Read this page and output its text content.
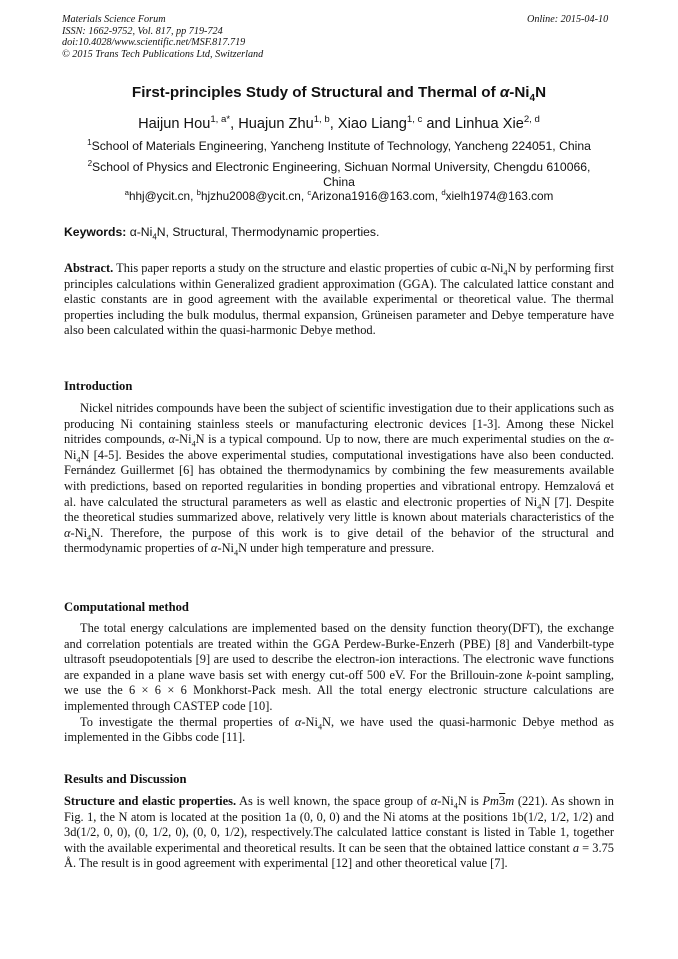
Materials Science Forum
ISSN: 1662-9752, Vol. 817, pp 719-724
doi:10.4028/www.scientific.net/MSF.817.719
© 2015 Trans Tech Publications Ltd, Switzerland
Online: 2015-04-10
First-principles Study of Structural and Thermal of $\alpha-Ni_4N$
Haijun Hou$^{1, a*}$, Huajun Zhu$^{1, b}$, Xiao Liang$^{1, c}$ and Linhua Xie$^{2, d}$
$^1$School of Materials Engineering, Yancheng Institute of Technology, Yancheng 224051, China
$^2$School of Physics and Electronic Engineering, Sichuan Normal University, Chengdu 610066,
China
$^a$hhj@ycit.cn, $^b$hjzhu2008@ycit.cn, $^c$Arizona1916@163.com, $^d$xielh1974@163.com
Keywords: $\alpha-Ni_4N$, Structural, Thermodynamic properties.
Abstract. This paper reports a study on the structure and elastic properties of cubic $\alpha-Ni_4N$ by performing first principles calculations within Generalized gradient approximation (GGA). The calculated lattice constant and elastic constants are in good agreement with the available experimental or theoretical value. The thermal properties including the bulk modulus, thermal expansion, Grüneisen parameter and Debye temperature have also been calculated within the quasi-harmonic Debye method.
Introduction
Nickel nitrides compounds have been the subject of scientific investigation due to their applications such as producing Ni containing stainless steels or manufacturing electronic devices [1-3]. Among these Nickel nitrides compounds, $\alpha-Ni_4N$ is a typical compound. Up to now, there are much experimental studies on the $\alpha-Ni_4N$ [4-5]. Besides the above experimental studies, computational investigations have also been conducted. Fernández Guillermet [6] has obtained the thermodynamics by combining the few measurements available with predictions, based on reported regularities in bonding properties and vibrational entropy. Hemzalová et al. have calculated the structural parameters as well as elastic and electronic properties of $Ni_4N$ [7]. Despite the theoretical studies summarized above, relatively very little is known about materials characteristics of the $\alpha-Ni_4N$. Therefore, the purpose of this work is to give detail of the behavior of the structural and thermodynamic properties of $\alpha-Ni_4N$ under high temperature and pressure.
Computational method

The total energy calculations are implemented based on the density function theory(DFT), the exchange and correlation potentials are treated within the GGA Perdew-Burke-Enzerh (PBE) [8] and Vanderbilt-type ultrasoft pseudopotentials [9] are used to describe the electron-ion interactions. The electronic wave functions are expanded in a plane wave basis set with energy cut-off 500 eV. For the Brillouin-zone k-point sampling, we use the 6 × 6 × 6 Monkhorst-Pack mesh. All the total energy electronic structure calculations are implemented through CASTEP code [10].

To investigate the thermal properties of $\alpha-Ni_4N$, we have used the quasi-harmonic Debye method as implemented in the Gibbs code [11].

Results and Discussion

Structure and elastic properties. As is well known, the space group of $\alpha-Ni_4N$ is Pm3m (221). As shown in Fig. 1, the N atom is located at the position 1a (0, 0, 0) and the Ni atoms at the positions 1b(1/2, 1/2, 1/2) and 3d(1/2, 0, 0), (0, 1/2, 0), (0, 0, 1/2), respectively.The calculated lattice constant is listed in Table 1, together with the available experimental and theoretical results. It can be seen that the obtained lattice constant a = 3.75 Å. The result is in good agreement with experimental [12] and other theoretical value [7].
